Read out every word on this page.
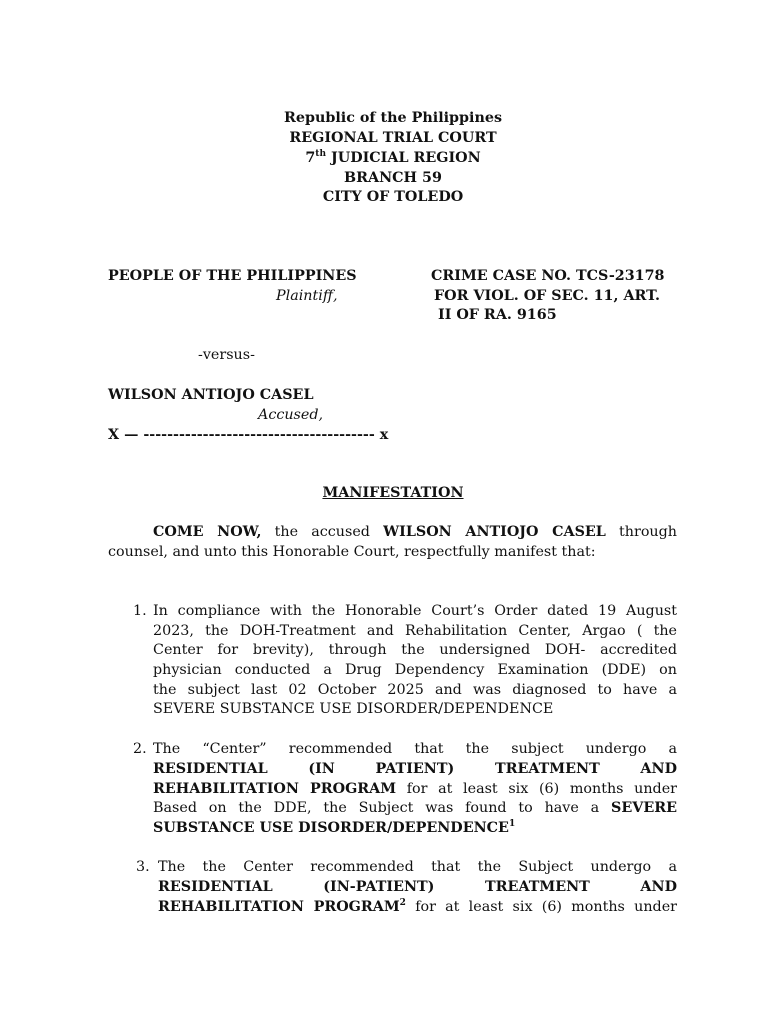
Republic of the Philippines
REGIONAL TRIAL COURT
7th JUDICIAL REGION
BRANCH 59
CITY OF TOLEDO
PEOPLE OF THE PHILIPPINES
Plaintiff,
CRIME CASE NO. TCS-23178
FOR VIOL. OF SEC. 11, ART.
II OF RA. 9165
-versus-
WILSON ANTIOJO CASEL
Accused,
X — --------------------------------------- x
MANIFESTATION
COME NOW, the accused WILSON ANTIOJO CASEL through
counsel, and unto this Honorable Court, respectfully manifest that:
1. In compliance with the Honorable Court’s Order dated 19 August
2023, the DOH-Treatment and Rehabilitation Center, Argao ( the
Center for brevity), through the undersigned DOH- accredited
physician conducted a Drug Dependency Examination (DDE) on
the subject last 02 October 2025 and was diagnosed to have a
SEVERE SUBSTANCE USE DISORDER/DEPENDENCE
2. The “Center” recommended that the subject undergo a
RESIDENTIAL (IN PATIENT) TREATMENT AND
REHABILITATION PROGRAM for at least six (6) months under
Based on the DDE, the Subject was found to have a SEVERE
SUBSTANCE USE DISORDER/DEPENDENCE$^1$
3. The the Center recommended that the Subject undergo a
RESIDENTIAL (IN-PATIENT) TREATMENT AND
REHABILITATION PROGRAM$^2$ for at least six (6) months under
